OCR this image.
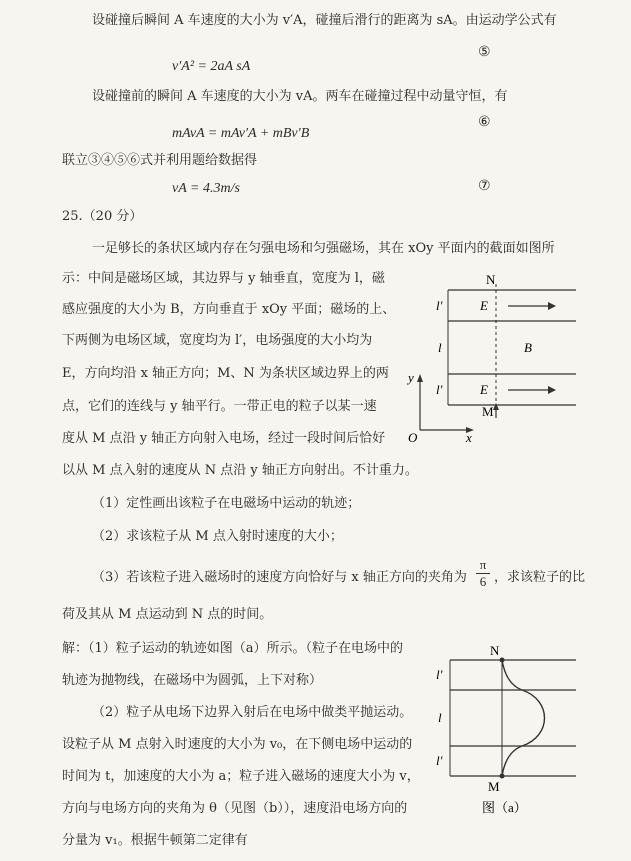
设碰撞后瞬间 A 车速度的大小为 v′A，碰撞后滑行的距离为 sA。由运动学公式有
v′A² = 2aA sA
⑤
设碰撞前的瞬间 A 车速度的大小为 vA。两车在碰撞过程中动量守恒，有
mAvA = mAv′A + mBv′B
⑥
联立③④⑤⑥式并利用题给数据得
vA = 4.3m/s	⑦
25.（20 分）
一足够长的条状区域内存在匀强电场和匀强磁场，其在 xOy 平面内的截面如图所
示：中间是磁场区域，其边界与 y 轴垂直，宽度为 l，磁
感应强度的大小为 B，方向垂直于 xOy 平面；磁场的上、
下两侧为电场区域，宽度均为 l′，电场强度的大小均为
E，方向均沿 x 轴正方向；M、N 为条状区域边界上的两
点，它们的连线与 y 轴平行。一带正电的粒子以某一速
度从 M 点沿 y 轴正方向射入电场，经过一段时间后恰好
以从 M 点入射的速度从 N 点沿 y 轴正方向射出。不计重力。
（1）定性画出该粒子在电磁场中运动的轨迹；
（2）求该粒子从 M 点入射时速度的大小；
（3）若该粒子进入磁场时的速度方向恰好与 x 轴正方向的夹角为
π
6 ，求该粒子的比
荷及其从 M 点运动到 N 点的时间。
N
M
E
E
B
l′
l
l′
y
O	x
解：（1）粒子运动的轨迹如图（a）所示。（粒子在电场中的
轨迹为抛物线，在磁场中为圆弧，上下对称）
（2）粒子从电场下边界入射后在电场中做类平抛运动。
设粒子从 M 点射入时速度的大小为 v₀，在下侧电场中运动的
时间为 t，加速度的大小为 a；粒子进入磁场的速度大小为 v，
方向与电场方向的夹角为 θ（见图（b）），速度沿电场方向的
分量为 v₁。根据牛顿第二定律有
N
M
l′
l
l′
图（a）
